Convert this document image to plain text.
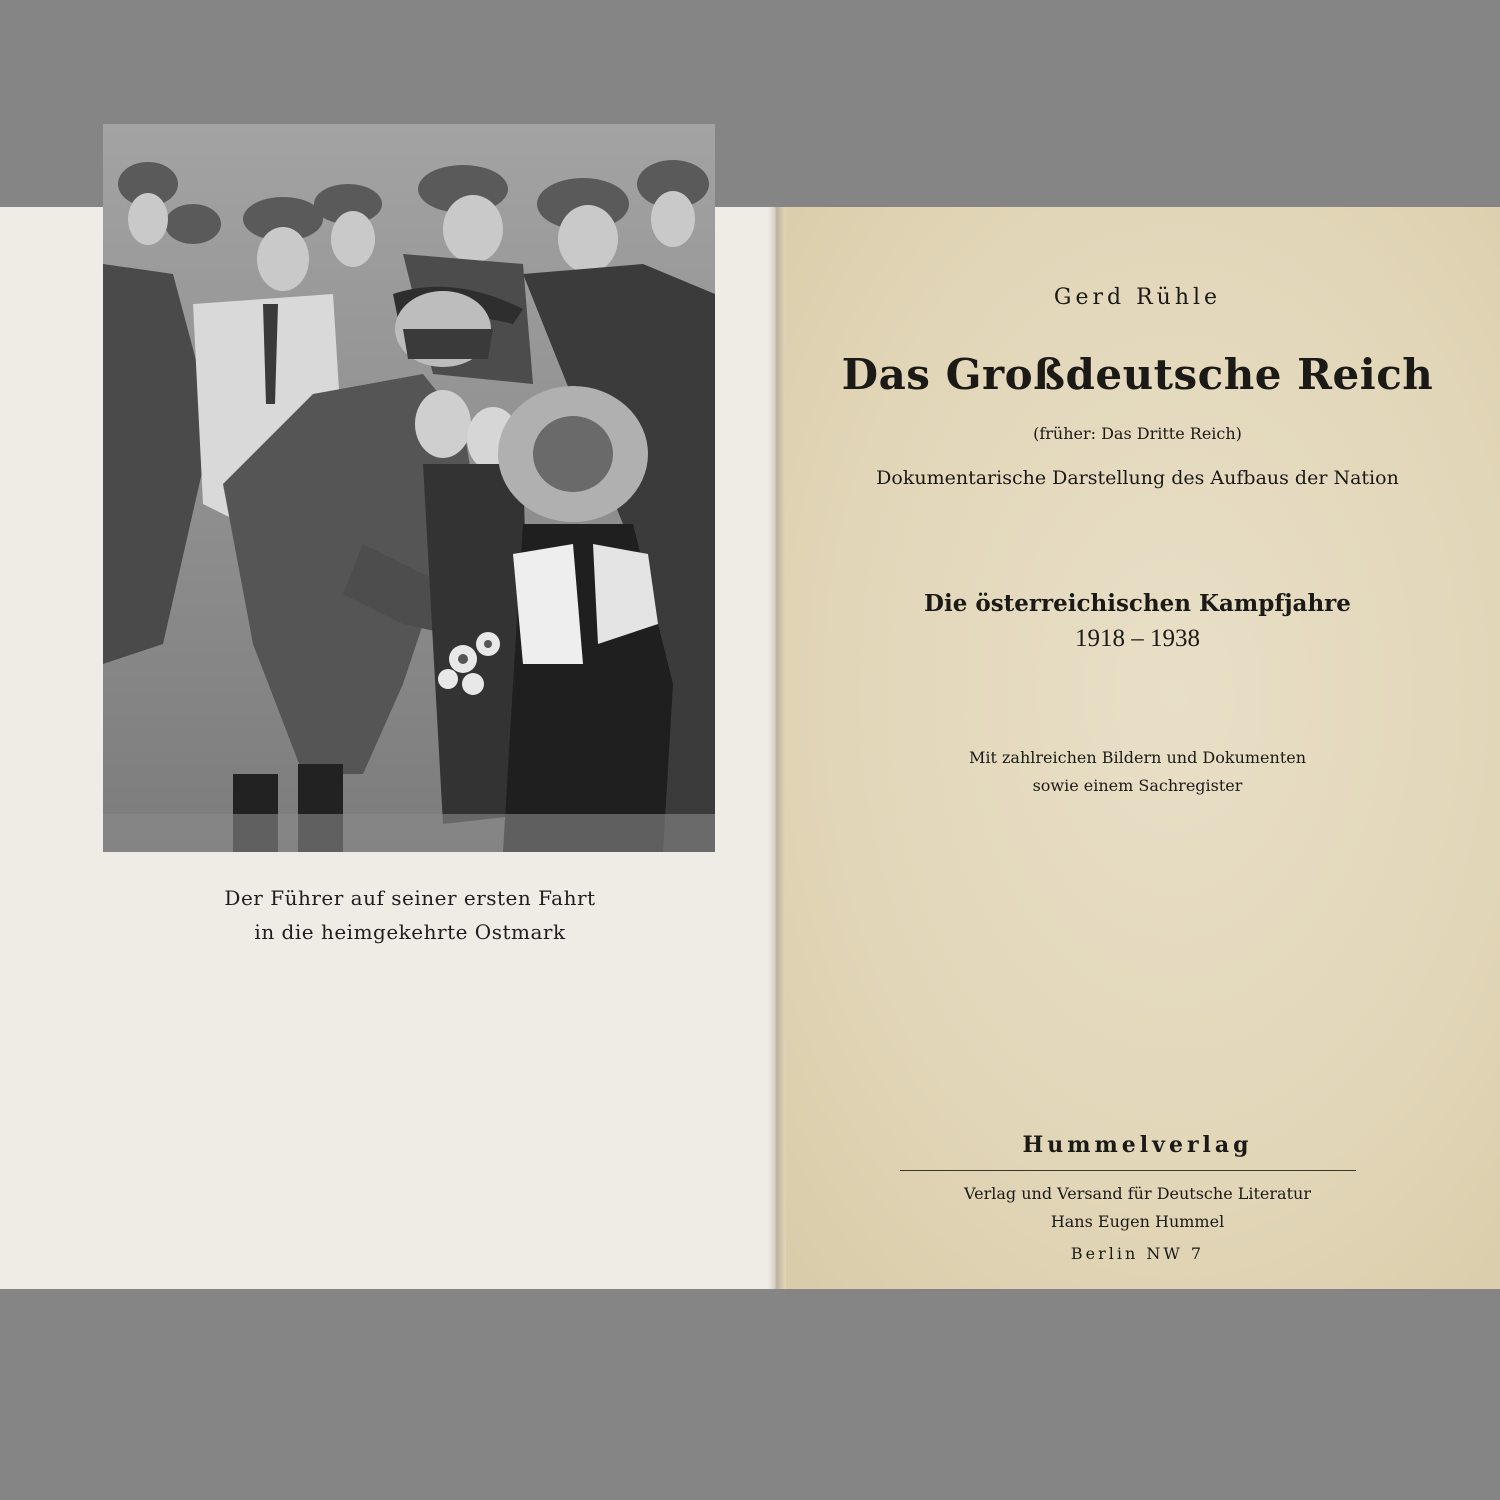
Der Führer auf seiner ersten Fahrt
in die heimgekehrte Ostmark
Gerd Rühle
Das Großdeutsche Reich
(früher: Das Dritte Reich)
Dokumentarische Darstellung des Aufbaus der Nation
Die österreichischen Kampfjahre
1918 – 1938
Mit zahlreichen Bildern und Dokumenten
sowie einem Sachregister
Hummelverlag
Verlag und Versand für Deutsche Literatur
Hans Eugen Hummel
Berlin NW 7
